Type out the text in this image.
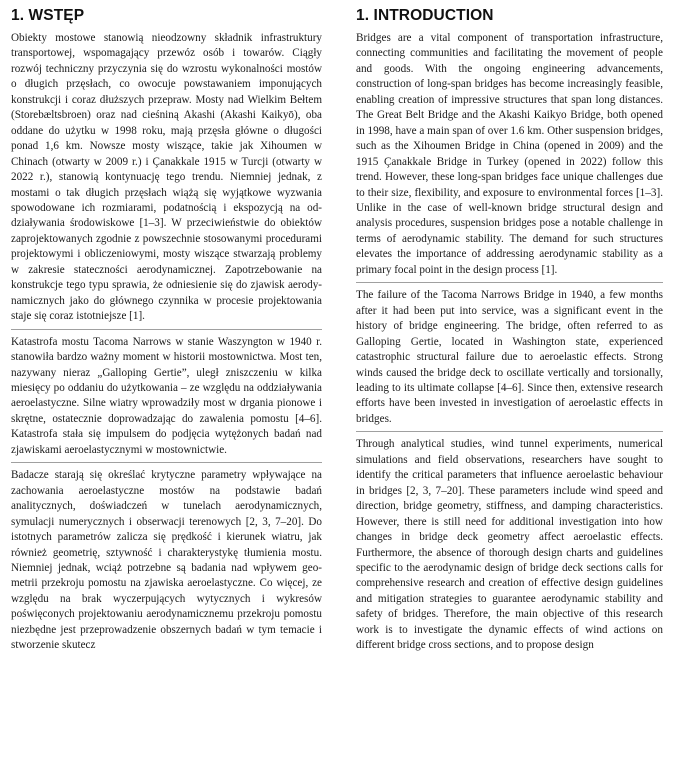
1. WSTĘP

Obiekty mostowe stanowią nieodzowny składnik infrastruktury transportowej, wspomagający przewóz osób i towarów. Ciągły rozwój techniczny przyczynia się do wzrostu wykonalności mostów o długich przęsłach, co owocuje powstawaniem imponujących konstrukcji i coraz dłuższych przepraw. Mosty nad Wielkim Bełtem (Storebæltsbroen) oraz nad cieśniną Akashi (Akashi Kaikyō), oba oddane do użytku w 1998 roku, mają przęsła główne o długości ponad 1,6 km. Nowsze mosty wiszące, takie jak Xihoumen w Chinach (otwarty w 2009 r.) i Çanakkale 1915 w Turcji (otwarty w 2022 r.), stanowią kontynuację tego trendu. Niemniej jednak, z mostami o tak długich przęsłach wiążą się wyjątkowe wyzwania spowodowane ich rozmiarami, podatnością i ekspozycją na oddziaływania środowiskowe [1–3]. W przeciwieństwie do obiektów zaprojektowanych zgodnie z powszechnie stosowanymi procedurami projektowymi i obliczeniowymi, mosty wiszące stwarzają problemy w zakresie stateczności aerodynamicznej. Zapotrzebowanie na konstrukcje tego typu sprawia, że odniesienie się do zjawisk aerodynamicznych jako do głównego czynnika w procesie projektowania staje się coraz istotniejsze [1].

Katastrofa mostu Tacoma Narrows w stanie Waszyngton w 1940 r. stanowiła bardzo ważny moment w historii mostownictwa. Most ten, nazywany nieraz „Galloping Gertie”, uległ zniszczeniu w kilka miesięcy po oddaniu do użytkowania – ze względu na oddziaływania aeroelastyczne. Silne wiatry wprowadziły most w drgania pionowe i skrętne, ostatecznie doprowadzając do zawalenia pomostu [4–6]. Katastrofa stała się impulsem do podjęcia wytężonych badań nad zjawiskami aeroelastycznymi w mostownictwie.

Badacze starają się określać krytyczne parametry wpływające na zachowania aeroelastyczne mostów na podstawie badań analitycznych, doświadczeń w tunelach aerodynamicznych, symulacji numerycznych i obserwacji terenowych [2, 3, 7–20]. Do istotnych parametrów zalicza się prędkość i kierunek wiatru, jak również geometrię, sztywność i charakterystykę tłumienia mostu. Niemniej jednak, wciąż potrzebne są badania nad wpływem geometrii przekroju pomostu na zjawiska aeroelastyczne. Co więcej, ze względu na brak wyczerpujących wytycznych i wykresów poświęconych projektowaniu aerodynamicznemu przekroju pomostu niezbędne jest przeprowadzenie obszernych badań w tym temacie i stworzenie skutecz

1. INTRODUCTION

Bridges are a vital component of transportation infrastructure, connecting communities and facilitating the movement of people and goods. With the ongoing engineering advancements, construction of long-span bridges has become increasingly feasible, enabling creation of impressive structures that span long distances. The Great Belt Bridge and the Akashi Kaikyo Bridge, both opened in 1998, have a main span of over 1.6 km. Other suspension bridges, such as the Xihoumen Bridge in China (opened in 2009) and the 1915 Çanakkale Bridge in Turkey (opened in 2022) follow this trend. However, these long-span bridges face unique challenges due to their size, flexibility, and exposure to environmental forces [1–3]. Unlike in the case of well-known bridge structural design and analysis procedures, suspension bridges pose a notable challenge in terms of aerodynamic stability. The demand for such structures elevates the importance of addressing aerodynamic stability as a primary focal point in the design process [1].

The failure of the Tacoma Narrows Bridge in 1940, a few months after it had been put into service, was a significant event in the history of bridge engineering. The bridge, often referred to as Galloping Gertie, located in Washington state, experienced catastrophic structural failure due to aeroelastic effects. Strong winds caused the bridge deck to oscillate vertically and torsionally, leading to its ultimate collapse [4–6]. Since then, extensive research efforts have been invested in investigation of aeroelastic effects in bridges.

Through analytical studies, wind tunnel experiments, numerical simulations and field observations, researchers have sought to identify the critical parameters that influence aeroelastic behaviour in bridges [2, 3, 7–20]. These parameters include wind speed and direction, bridge geometry, stiffness, and damping characteristics. However, there is still need for additional investigation into how changes in bridge deck geometry affect aeroelastic effects. Furthermore, the absence of thorough design charts and guidelines specific to the aerodynamic design of bridge deck sections calls for comprehensive research and creation of effective design guidelines and mitigation strategies to guarantee aerodynamic stability and safety of bridges. Therefore, the main objective of this research work is to investigate the dynamic effects of wind actions on different bridge cross sections, and to propose design
